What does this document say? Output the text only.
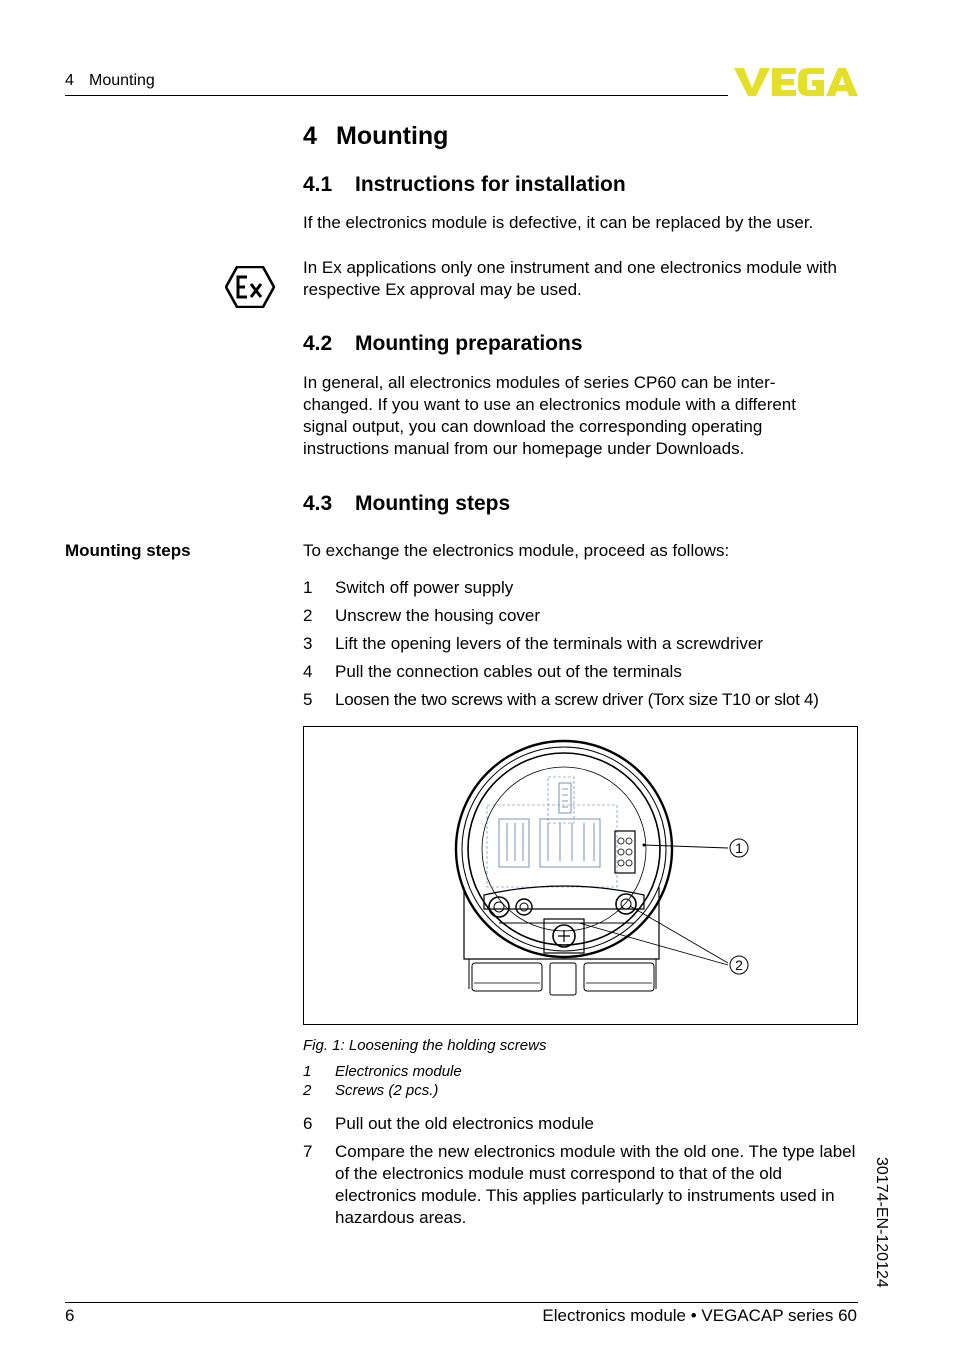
4 Mounting
4 Mounting
4.1 Instructions for installation
If the electronics module is defective, it can be replaced by the user.
In Ex applications only one instrument and one electronics module with
respective Ex approval may be used.
4.2 Mounting preparations
In general, all electronics modules of series CP60 can be inter-
changed. If you want to use an electronics module with a different
signal output, you can download the corresponding operating
instructions manual from our homepage under Downloads.
4.3 Mounting steps
Mounting steps	To exchange the electronics module, proceed as follows:
1 Switch off power supply
2 Unscrew the housing cover
3 Lift the opening levers of the terminals with a screwdriver
4 Pull the connection cables out of the terminals
5 Loosen the two screws with a screw driver (Torx size T10 or slot 4)
1
2
Fig. 1: Loosening the holding screws
1 Electronics module
2 Screws (2 pcs.)
6 Pull out the old electronics module
7 Compare the new electronics module with the old one. The type label of the electronics module must correspond to that of the old electronics module. This applies particularly to instruments used in hazardous areas.	30174-EN-120124
6	Electronics module • VEGACAP series 60
